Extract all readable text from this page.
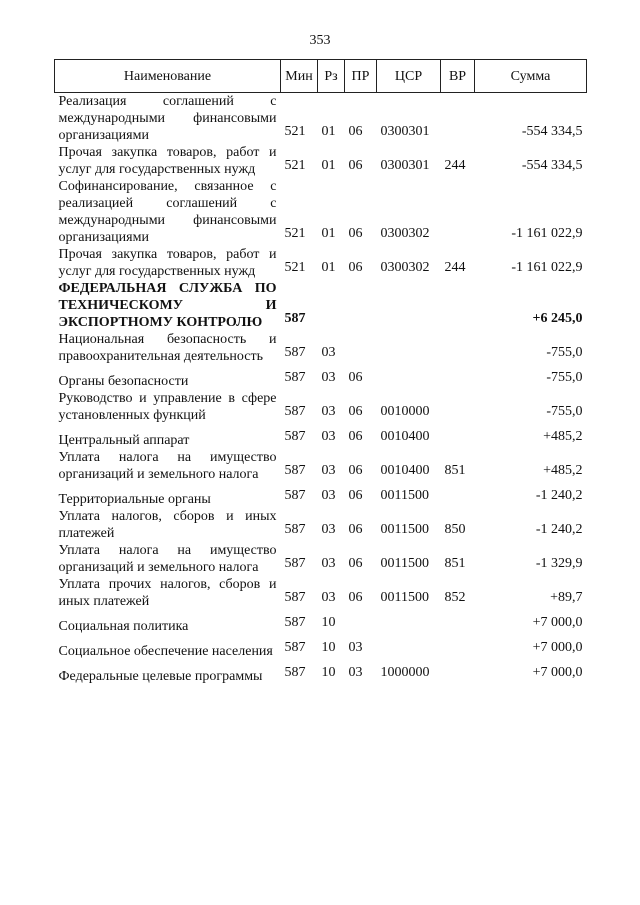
353
Наименование	Мин	Рз	ПР	ЦСР	ВР	Сумма
Реализация соглашений с международными финансовыми организациями	521	01	06	0300301		-554 334,5
Прочая закупка товаров, работ и услуг для государственных нужд	521	01	06	0300301	244	-554 334,5
Софинансирование, связанное с реализацией соглашений с международными финансовыми организациями	521	01	06	0300302		-1 161 022,9
Прочая закупка товаров, работ и услуг для государственных нужд	521	01	06	0300302	244	-1 161 022,9
ФЕДЕРАЛЬНАЯ СЛУЖБА ПО ТЕХНИЧЕСКОМУ И ЭКСПОРТНОМУ КОНТРОЛЮ	587					+6 245,0
Национальная безопасность и правоохранительная деятельность	587	03				-755,0
Органы безопасности	587	03	06			-755,0
Руководство и управление в сфере установленных функций	587	03	06	0010000		-755,0
Центральный аппарат	587	03	06	0010400		+485,2
Уплата налога на имущество организаций и земельного налога	587	03	06	0010400	851	+485,2
Территориальные органы	587	03	06	0011500		-1 240,2
Уплата налогов, сборов и иных платежей	587	03	06	0011500	850	-1 240,2
Уплата налога на имущество организаций и земельного налога	587	03	06	0011500	851	-1 329,9
Уплата прочих налогов, сборов и иных платежей	587	03	06	0011500	852	+89,7
Социальная политика	587	10				+7 000,0
Социальное обеспечение населения	587	10	03			+7 000,0
Федеральные целевые программы	587	10	03	1000000		+7 000,0
